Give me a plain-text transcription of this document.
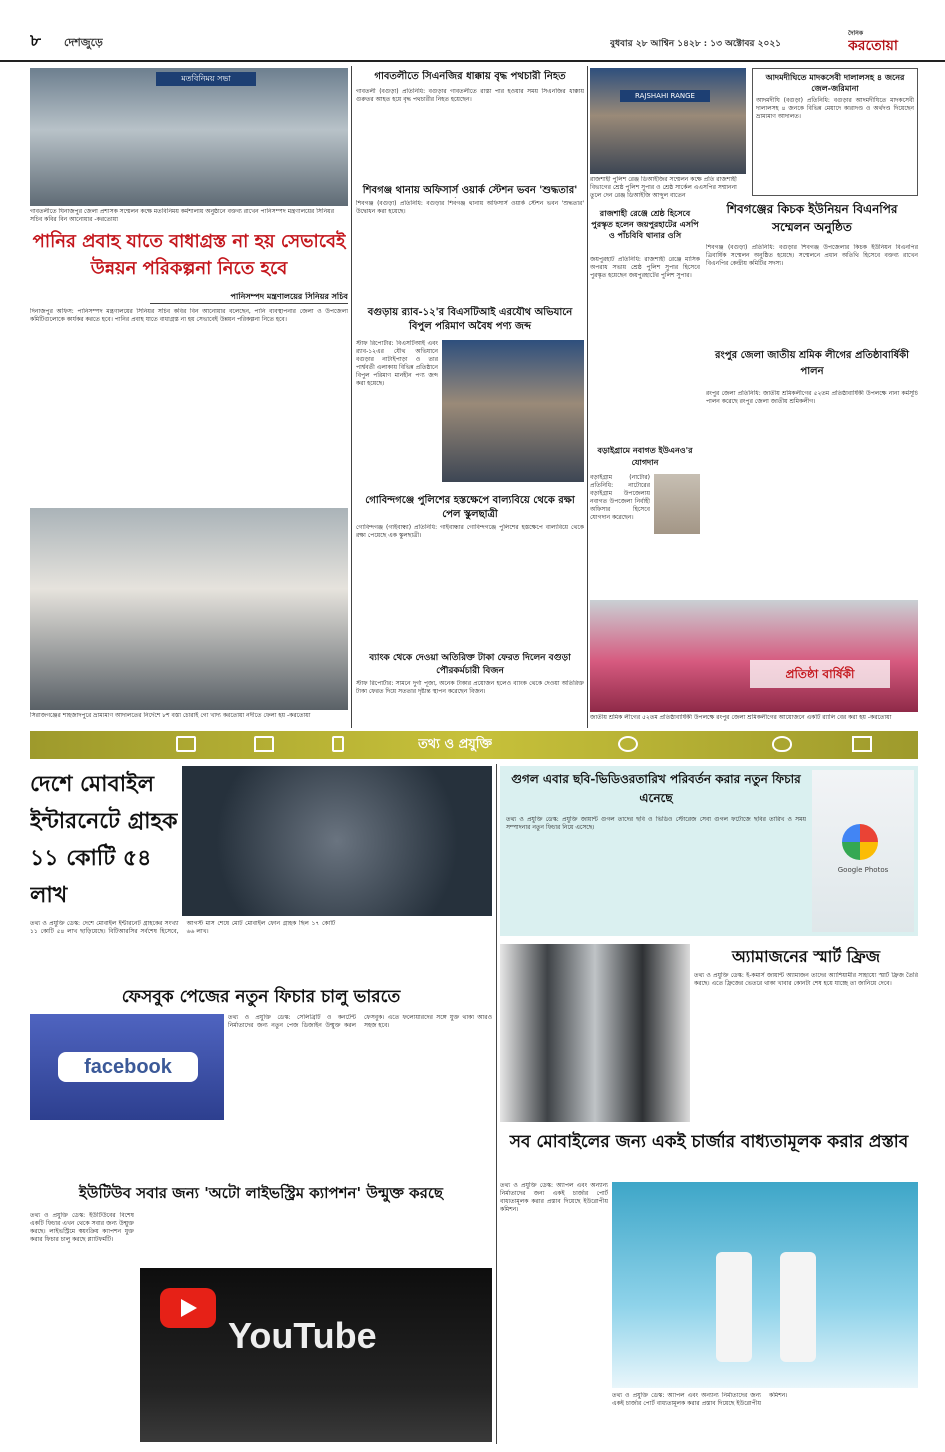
৮ দেশজুড়ে	বুধবার ২৮ আশ্বিন ১৪২৮ : ১৩ অক্টোবর ২০২১
দৈনিক
করতোয়া
মতবিনিময় সভা
গাবতলীতে ঘিনাজপুর জেলা প্রশাসক সম্মেলন কক্ষে মতবিনিময় কর্মশালায় অনুষ্ঠানে বক্তব্য রাখেন পানিসম্পদ মন্ত্রণালয়ের সিনিয়র সচিব কবির বিন আনোয়ার -করতোয়া
পানির প্রবাহ যাতে বাধাগ্রস্ত না হয় সেভাবেই উন্নয়ন পরিকল্পনা নিতে হবে
পানিসম্পদ মন্ত্রণালয়ের সিনিয়র সচিব
দিনাজপুর অফিস: পানিসম্পদ মন্ত্রণালয়ের সিনিয়র সচিব কবির বিন আনোয়ার বলেছেন, পানি ব্যবস্থাপনার জেলা ও উপজেলা কমিটিগুলোকে কার্যকর করতে হবে। পানির প্রবাহ যাতে বাধাগ্রস্ত না হয় সেভাবেই উন্নয়ন পরিকল্পনা নিতে হবে।
সিরাজগঞ্জের শাহজাদপুরে ভ্রাম্যমাণ আদালতের নির্দেশে ৮শ বস্তা চোরাই গো খাদ্য করতোয়া নদীতে ফেলা হয় -করতোয়া
গাবতলীতে সিএনজির ধাক্কায় বৃদ্ধ পথচারী নিহত
গাবতলী (বগুড়া) প্রতিনিধি: বগুড়ার গাবতলীতে রাস্তা পার হওয়ার সময় সিএনজির ধাক্কায় গুরুতর আহত হয়ে বৃদ্ধ পথচারীর নিহত হয়েছেন।
শিবগঞ্জ থানায় অফিসার্স ওয়ার্ক স্টেশন ভবন 'শুদ্ধতার'
শিবগঞ্জ (বগুড়া) প্রতিনিধি: বগুড়ার শিবগঞ্জ থানায় অফিসার্স ওয়ার্ক স্টেশন ভবন 'শুদ্ধতার' উদ্বোধন করা হয়েছে।
বগুড়ায় র‍্যাব-১২'র বিএসটিআই এরযৌথ অভিযানে বিপুল পরিমাণ অবৈধ পণ্য জব্দ
স্টাফ রিপোর্টার: বিএসটিআই এবং র‍্যাব-১২এর যৌথ অভিযানে বগুড়ার নাটাইপাড়া ও তার পার্শ্ববর্তী এলাকায় বিভিন্ন প্রতিষ্ঠানে বিপুল পরিমাণ মানহীন পণ্য জব্দ করা হয়েছে।
গোবিন্দগঞ্জে পুলিশের হস্তক্ষেপে বাল্যবিয়ে থেকে রক্ষা পেল স্কুলছাত্রী
গোবিন্দগঞ্জ (গাইবান্ধা) প্রতিনিধি: গাইবান্ধার গোবিন্দগঞ্জে পুলিশের হস্তক্ষেপে বাল্যবিয়ে থেকে রক্ষা পেয়েছে এক স্কুলছাত্রী।
ব্যাংক থেকে দেওয়া অতিরিক্ত টাকা ফেরত দিলেন বগুড়া পৌরকর্মচারী বিজন
স্টাফ রিপোর্টার: সামনে দুর্গা পূজা, অনেক টাকার প্রয়োজন হলেও ব্যাংক থেকে দেওয়া অতিরিক্ত টাকা ফেরত দিয়ে সততার দৃষ্টান্ত স্থাপন করেছেন বিজন।
RAJSHAHI RANGE
রাজশাহী পুলিশ রেঞ্জ ডিআইজির সম্মেলন কক্ষে প্রতি রাজশাহী বিভাগের শ্রেষ্ঠ পুলিশ সুপার ও শ্রেষ্ঠ সার্কেল এএসপির সম্মাননা তুলে দেন রেঞ্জ ডিআইজি আব্দুল বাতেন
রাজশাহী রেঞ্জে শ্রেষ্ঠ হিসেবে পুরস্কৃত হলেন জয়পুরহাটের এসপি ও পাঁচবিবি থানার ওসি
জয়পুরহাট প্রতিনিধি: রাজশাহী রেঞ্জে মাসিক অপরাধ সভায় শ্রেষ্ঠ পুলিশ সুপার হিসেবে পুরস্কৃত হয়েছেন জয়পুরহাটের পুলিশ সুপার।
আদমদীঘিতে মাদকসেবী দালালসহ ৪ জনের জেল-জরিমানা
আদমদীঘি (বগুড়া) প্রতিনিধি: বগুড়ার আদমদীঘিতে মাদকসেবী দালালসহ ৪ জনকে বিভিন্ন মেয়াদে কারাদণ্ড ও অর্থদণ্ড দিয়েছেন ভ্রাম্যমাণ আদালত।
শিবগঞ্জের কিচক ইউনিয়ন বিএনপির সম্মেলন অনুষ্ঠিত
শিবগঞ্জ (বগুড়া) প্রতিনিধি: বগুড়ার শিবগঞ্জ উপজেলার কিচক ইউনিয়ন বিএনপির ত্রিবার্ষিক সম্মেলন অনুষ্ঠিত হয়েছে। সম্মেলনে প্রধান অতিথি হিসেবে বক্তব্য রাখেন বিএনপির কেন্দ্রীয় কমিটির সদস্য।
বড়াইগ্রামে নবাগত ইউএনও'র যোগদান
বড়াইগ্রাম (নাটোর) প্রতিনিধি: নাটোরের বড়াইগ্রাম উপজেলায় নবাগত উপজেলা নির্বাহী অফিসার হিসেবে যোগদান করেছেন।
রংপুর জেলা জাতীয় শ্রমিক লীগের প্রতিষ্ঠাবার্ষিকী পালন
রংপুর জেলা প্রতিনিধি: জাতীয় শ্রমিকলীগের ৫২তম প্রতিষ্ঠাবার্ষিকী উপলক্ষে নানা কর্মসূচি পালন করেছে রংপুর জেলা জাতীয় শ্রমিকলীগ।
প্রতিষ্ঠা বার্ষিকী
জাতীয় শ্রমিক লীগের ৫২তম প্রতিষ্ঠাবার্ষিকী উপলক্ষে রংপুর জেলা শ্রমিকলীগের আয়োজনে একটি র‍্যালি বের করা হয় -করতোয়া
তথ্য ও প্রযুক্তি
দেশে মোবাইল ইন্টারনেটে গ্রাহক ১১ কোটি ৫৪ লাখ
তথ্য ও প্রযুক্তি ডেস্ক: দেশে মোবাইল ইন্টারনেট গ্রাহকের সংখ্যা ১১ কোটি ৫৪ লাখ ছাড়িয়েছে। বিটিআরসির সর্বশেষ হিসেবে, আগস্ট মাস শেষে মোট মোবাইল ফোন গ্রাহক ছিল ১৭ কোটি ৬৬ লাখ।
ফেসবুক পেজের নতুন ফিচার চালু ভারতে
facebook
তথ্য ও প্রযুক্তি ডেস্ক: সেলিব্রিটি ও কনটেন্ট নির্মাতাদের জন্য নতুন পেজ ডিজাইন উন্মুক্ত করল ফেসবুক। এতে ফলোয়ারদের সঙ্গে যুক্ত থাকা আরও সহজ হবে।
ইউটিউব সবার জন্য 'অটো লাইভস্ট্রিম ক্যাপশন' উন্মুক্ত করছে
তথ্য ও প্রযুক্তি ডেস্ক: ইউটিউবের বিশেষ একটি ফিচার এখন থেকে সবার জন্য উন্মুক্ত করছে। লাইভস্ট্রিমে স্বয়ংক্রিয় ক্যাপশন যুক্ত করার ফিচার চালু করছে প্ল্যাটফর্মটি।
YouTube
গুগল এবার ছবি-ভিডিওরতারিখ পরিবর্তন করার নতুন ফিচার এনেছে
তথ্য ও প্রযুক্তি ডেস্ক: প্রযুক্তি জায়ান্ট গুগল তাদের ছবি ও ভিডিও স্টোরেজ সেবা গুগল ফটোজে ছবির তারিখ ও সময় সম্পাদনার নতুন ফিচার নিয়ে এসেছে।
Google Photos
অ্যামাজনের স্মার্ট ফ্রিজ
তথ্য ও প্রযুক্তি ডেস্ক: ই-কমার্স জায়ান্ট অ্যামাজন তাদের অ্যাশিয়ামীর সাহায্যে স্মার্ট ফ্রিজ তৈরি করছে। এতে ফ্রিজের ভেতরে থাকা খাবার কোনটা শেষ হয়ে যাচ্ছে তা জানিয়ে দেবে।
সব মোবাইলের জন্য একই চার্জার বাধ্যতামূলক করার প্রস্তাব
তথ্য ও প্রযুক্তি ডেস্ক: অ্যাপল এবং অন্যান্য নির্মাতাদের জন্য একই চার্জার পোর্ট বাধ্যতামূলক করার প্রস্তাব দিয়েছে ইউরোপীয় কমিশন।
তথ্য ও প্রযুক্তি ডেস্ক: অ্যাপল এবং অন্যান্য নির্মাতাদের জন্য একই চার্জার পোর্ট বাধ্যতামূলক করার প্রস্তাব দিয়েছে ইউরোপীয় কমিশন।
